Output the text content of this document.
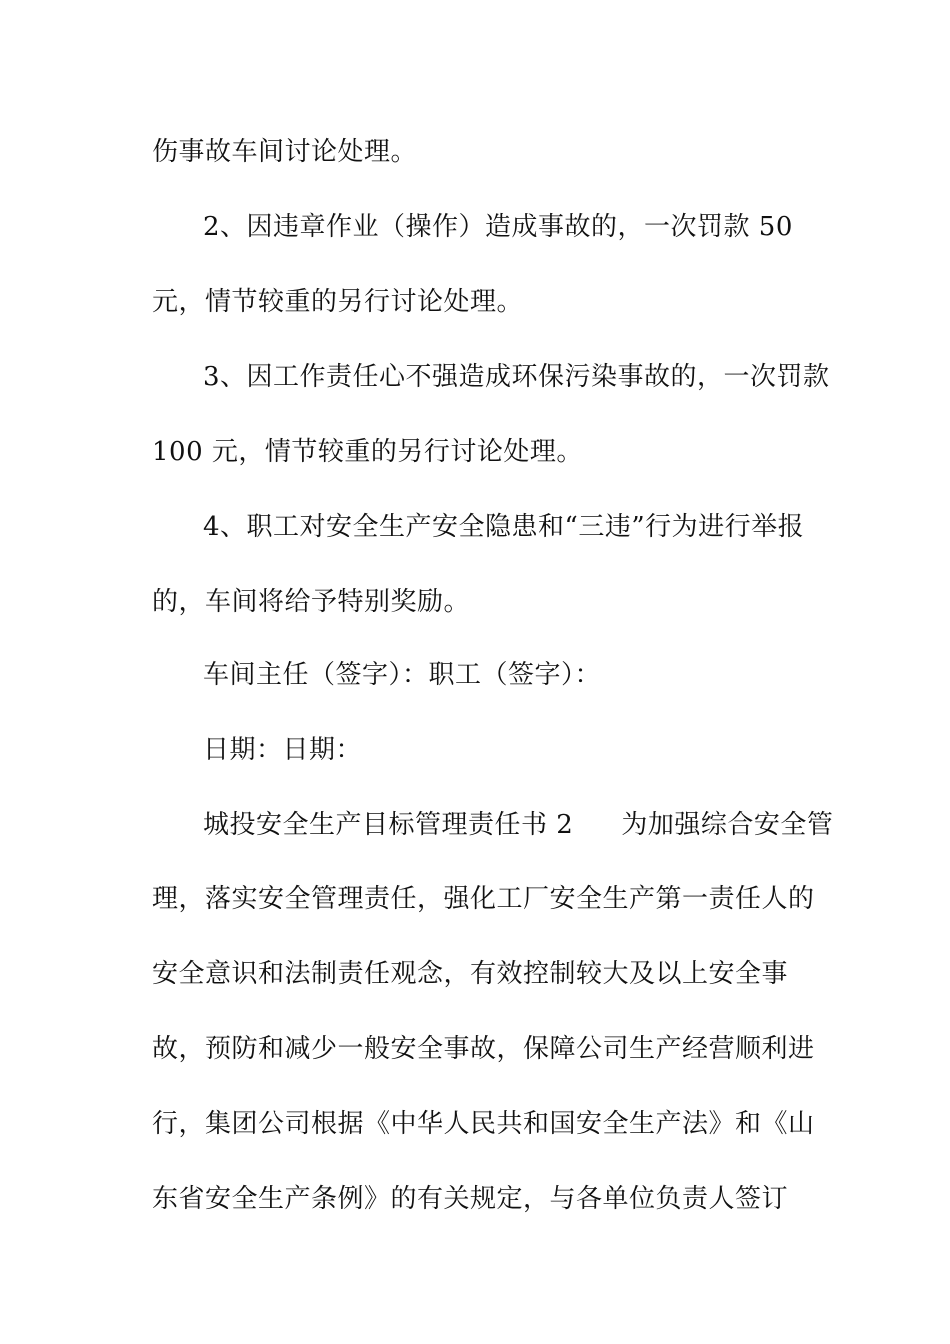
伤事故车间讨论处理。
2、因违章作业（操作）造成事故的，一次罚款 50
元，情节较重的另行讨论处理。
3、因工作责任心不强造成环保污染事故的，一次罚款
100 元，情节较重的另行讨论处理。
4、职工对安全生产安全隐患和“三违”行为进行举报
的，车间将给予特别奖励。
车间主任（签字）：职工（签字）：
日期：日期：
城投安全生产目标管理责任书 2 为加强综合安全管
理，落实安全管理责任，强化工厂安全生产第一责任人的
安全意识和法制责任观念，有效控制较大及以上安全事
故，预防和减少一般安全事故，保障公司生产经营顺利进
行，集团公司根据《中华人民共和国安全生产法》和《山
东省安全生产条例》的有关规定，与各单位负责人签订
